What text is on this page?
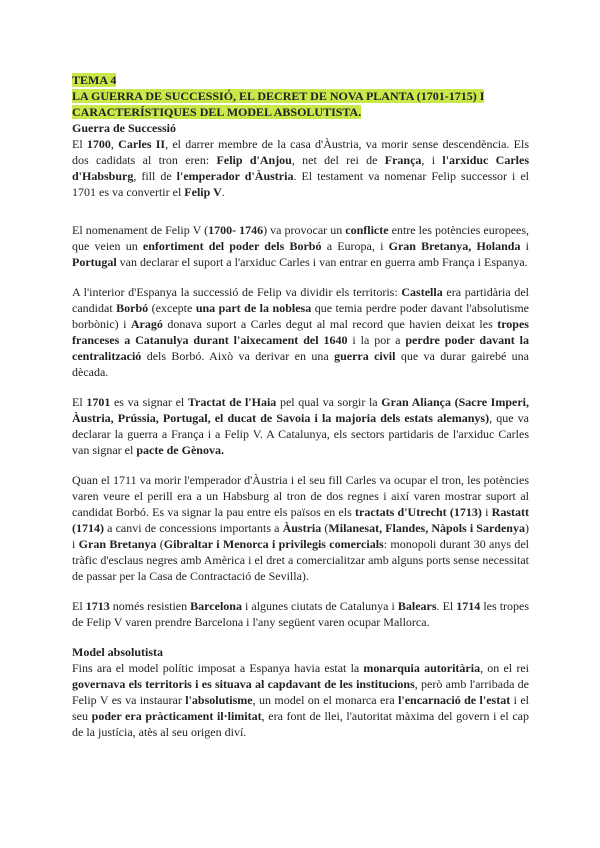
TEMA 4
LA GUERRA DE SUCCESSIÓ, EL DECRET DE NOVA PLANTA (1701-1715) I
CARACTERÍSTIQUES DEL MODEL ABSOLUTISTA.
Guerra de Successió

El 1700, Carles II, el darrer membre de la casa d'Àustria, va morir sense descendència. Els dos cadidats al tron eren: Felip d'Anjou, net del rei de França, i l'arxiduc Carles d'Habsburg, fill de l'emperador d'Àustria. El testament va nomenar Felip successor i el 1701 es va convertir el Felip V.

El nomenament de Felip V (1700- 1746) va provocar un conflicte entre les potències europees, que veien un enfortiment del poder dels Borbó a Europa, i Gran Bretanya, Holanda i Portugal van declarar el suport a l'arxiduc Carles i van entrar en guerra amb França i Espanya.

A l'interior d'Espanya la successió de Felip va dividir els territoris: Castella era partidària del candidat Borbó (excepte una part de la noblesa que temia perdre poder davant l'absolutisme borbònic) i Aragó donava suport a Carles degut al mal record que havien deixat les tropes franceses a Catanulya durant l'aixecament del 1640 i la por a perdre poder davant la centralització dels Borbó. Això va derivar en una guerra civil que va durar gairebé una dècada.

El 1701 es va signar el Tractat de l'Haia pel qual va sorgir la Gran Aliança (Sacre Imperi, Àustria, Prússia, Portugal, el ducat de Savoia i la majoria dels estats alemanys), que va declarar la guerra a França i a Felip V. A Catalunya, els sectors partidaris de l'arxiduc Carles van signar el pacte de Gènova.

Quan el 1711 va morir l'emperador d'Àustria i el seu fill Carles va ocupar el tron, les potències varen veure el perill era a un Habsburg al tron de dos regnes i així varen mostrar suport al candidat Borbó. Es va signar la pau entre els països en els tractats d'Utrecht (1713) i Rastatt (1714) a canvi de concessions importants a Àustria (Milanesat, Flandes, Nàpols i Sardenya) i Gran Bretanya (Gibraltar i Menorca i privilegis comercials: monopoli durant 30 anys del tràfic d'esclaus negres amb Amèrica i el dret a comercialitzar amb alguns ports sense necessitat de passar per la Casa de Contractació de Sevilla).

El 1713 només resistien Barcelona i algunes ciutats de Catalunya i Balears. El 1714 les tropes de Felip V varen prendre Barcelona i l'any següent varen ocupar Mallorca.

Model absolutista

Fins ara el model polític imposat a Espanya havia estat la monarquia autoritària, on el rei governava els territoris i es situava al capdavant de les institucions, però amb l'arribada de Felip V es va instaurar l'absolutisme, un model on el monarca era l'encarnació de l'estat i el seu poder era pràcticament il·limitat, era font de llei, l'autoritat màxima del govern i el cap de la justícia, atès al seu origen diví.
